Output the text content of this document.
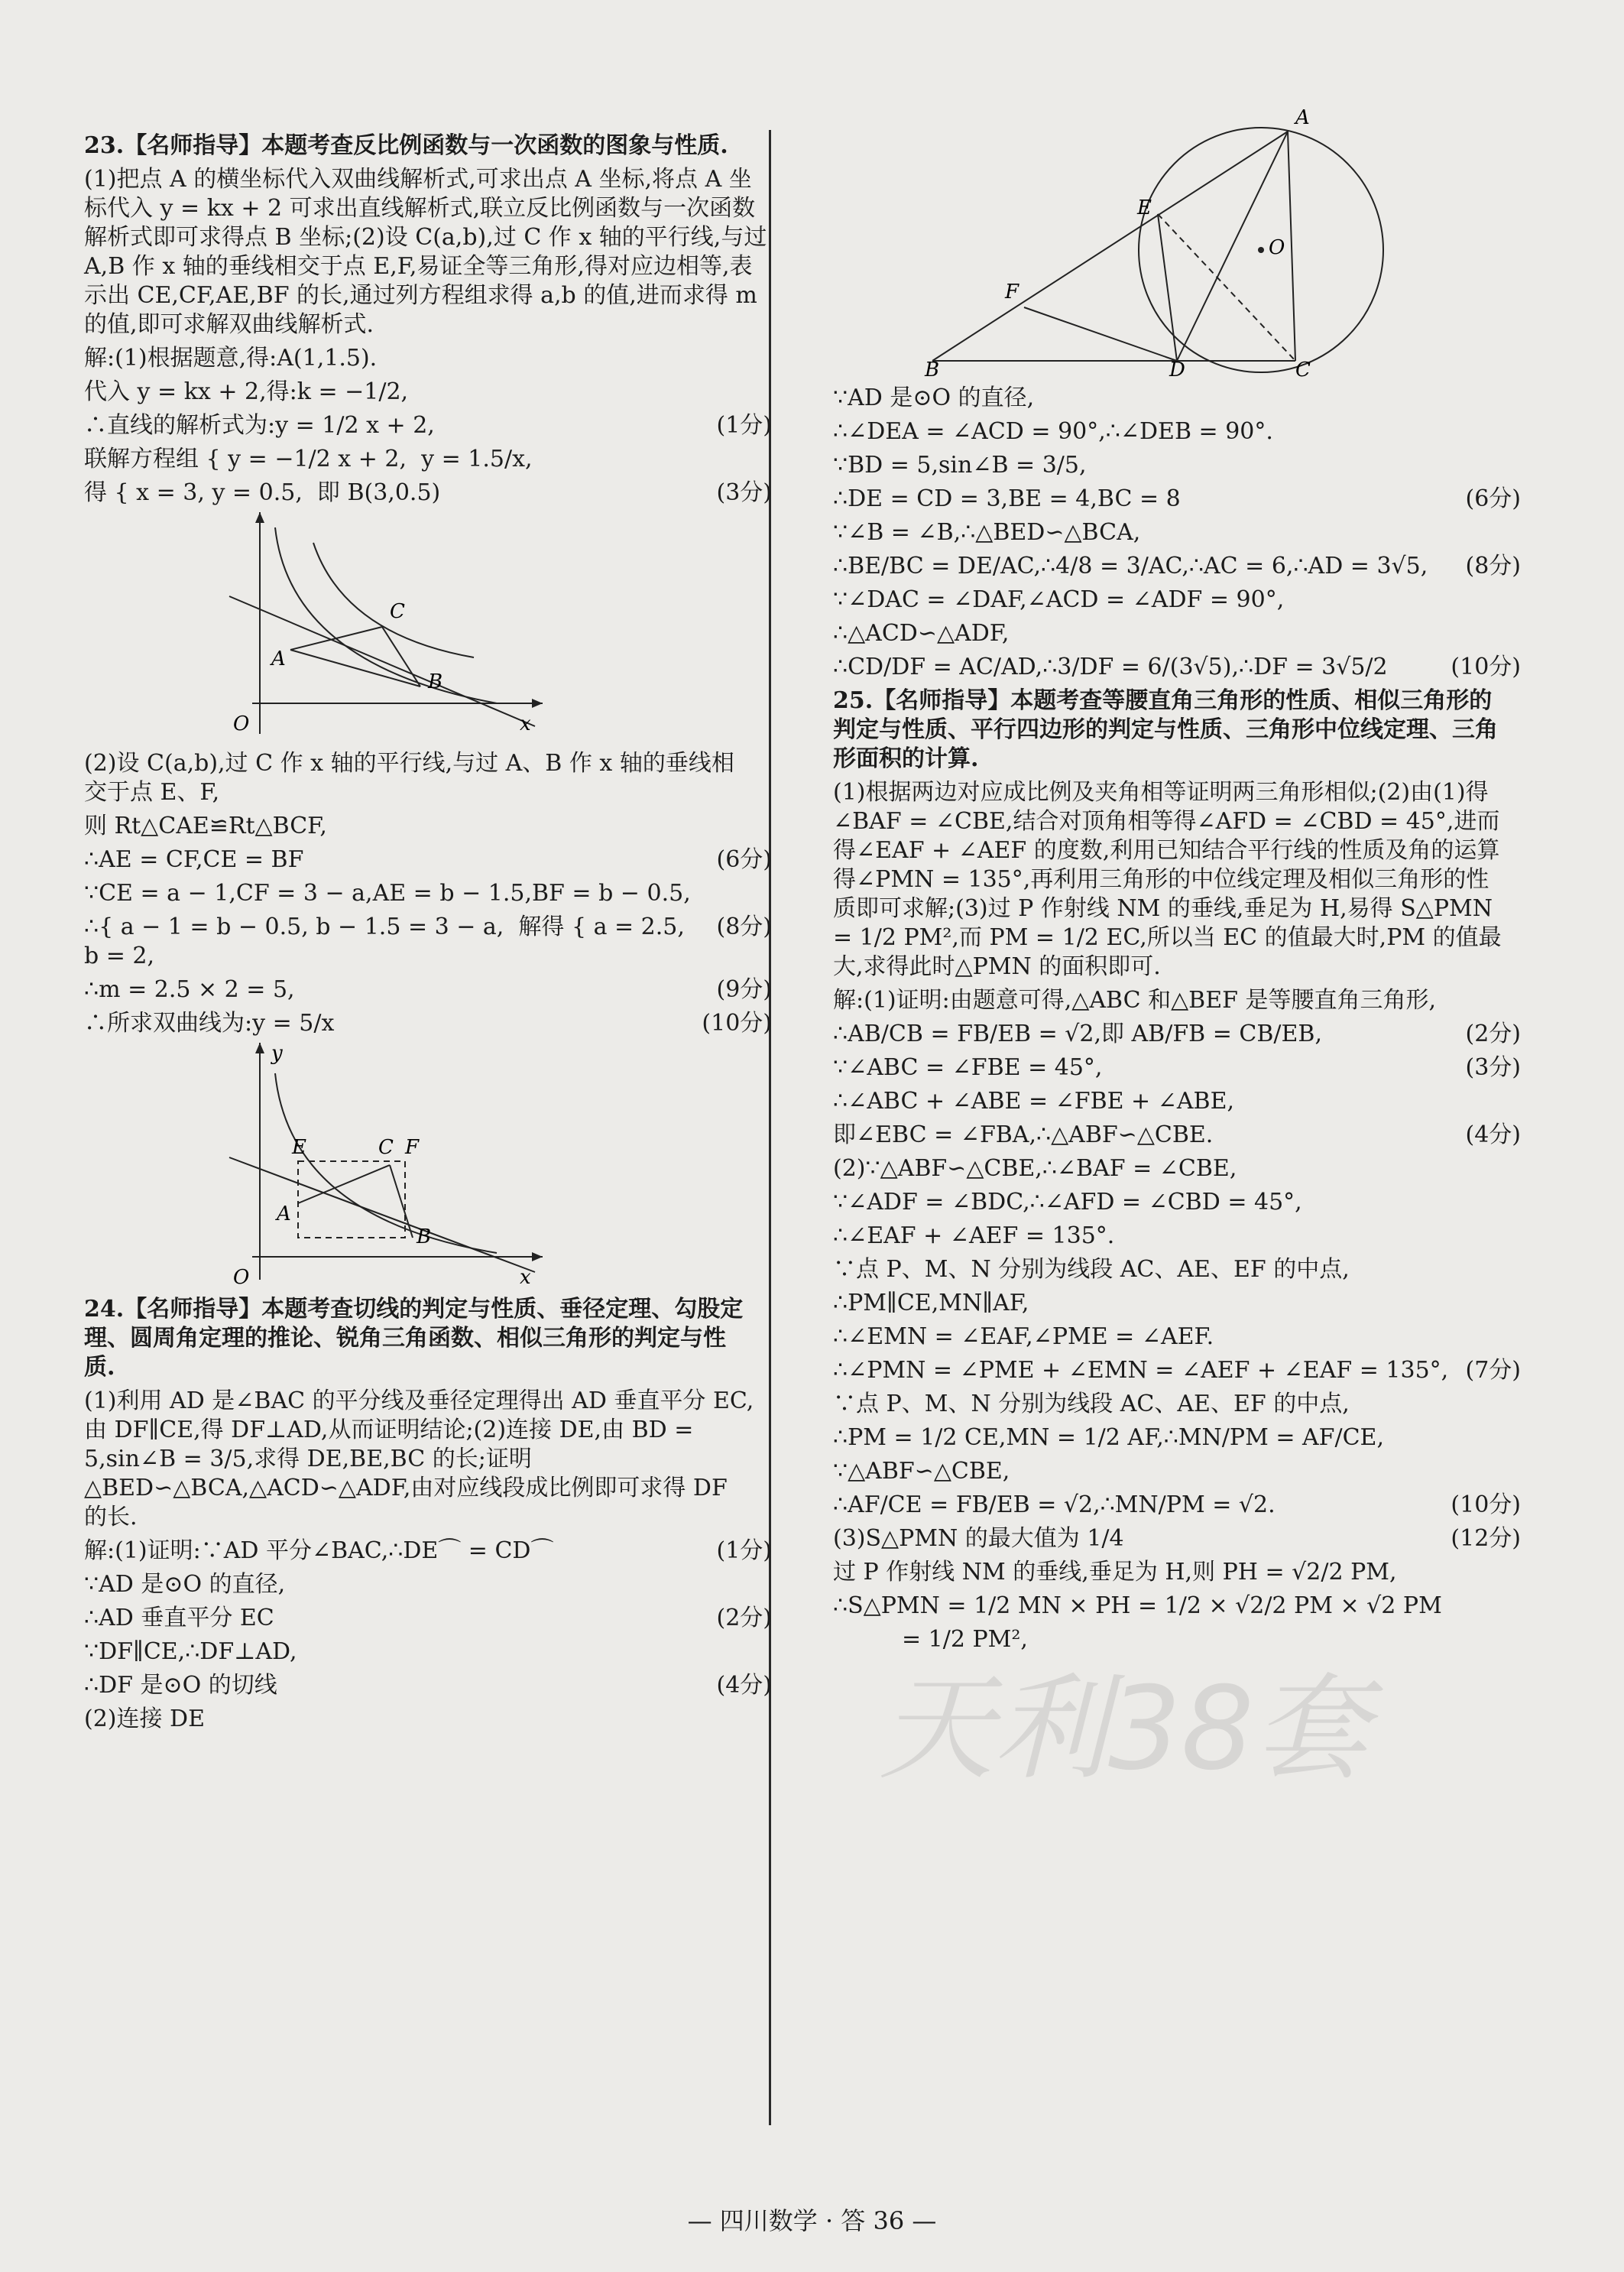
天利38套

23.【名师指导】本题考查反比例函数与一次函数的图象与性质.

(1)把点 A 的横坐标代入双曲线解析式,可求出点 A 坐标,将点 A 坐标代入 y = kx + 2 可求出直线解析式,联立反比例函数与一次函数解析式即可求得点 B 坐标;(2)设 C(a,b),过 C 作 x 轴的平行线,与过 A,B 作 x 轴的垂线相交于点 E,F,易证全等三角形,得对应边相等,表示出 CE,CF,AE,BF 的长,通过列方程组求得 a,b 的值,进而求得 m 的值,即可求解双曲线解析式.

解:(1)根据题意,得:A(1,1.5).

代入 y = kx + 2,得:k = −1/2,

∴直线的解析式为:y = 1/2 x + 2,	(1分)
联解方程组 { y = −1/2 x + 2,  y = 1.5/x,
得 { x = 3, y = 0.5,  即 B(3,0.5)	(3分)
C
A
B
O	x
(2)设 C(a,b),过 C 作 x 轴的平行线,与过 A、B 作 x 轴的垂线相交于点 E、F,
则 Rt△CAE≌Rt△BCF,
∴AE = CF,CE = BF	(6分)
∵CE = a − 1,CF = 3 − a,AE = b − 1.5,BF = b − 0.5,
∴{ a − 1 = b − 0.5, b − 1.5 = 3 − a,  解得 { a = 2.5, b = 2,
(8分)
∴m = 2.5 × 2 = 5,	(9分)
∴所求双曲线为:y = 5/x	(10分)
y
E	C F
A
B
O	x
24.【名师指导】本题考查切线的判定与性质、垂径定理、勾股定理、圆周角定理的推论、锐角三角函数、相似三角形的判定与性质.
(1)利用 AD 是∠BAC 的平分线及垂径定理得出 AD 垂直平分 EC,由 DF∥CE,得 DF⊥AD,从而证明结论;(2)连接 DE,由 BD = 5,sin∠B = 3/5,求得 DE,BE,BC 的长;证明△BED∽△BCA,△ACD∽△ADF,由对应线段成比例即可求得 DF 的长.
解:(1)证明:∵AD 平分∠BAC,∴DE⌒ = CD⌒	(1分)
∵AD 是⊙O 的直径,
∴AD 垂直平分 EC	(2分)
∵DF∥CE,∴DF⊥AD,
∴DF 是⊙O 的切线	(4分)
(2)连接 DE
A
O
E
F
B	D	C
∵AD 是⊙O 的直径,
∴∠DEA = ∠ACD = 90°,∴∠DEB = 90°.
∵BD = 5,sin∠B = 3/5,
∴DE = CD = 3,BE = 4,BC = 8	(6分)
∵∠B = ∠B,∴△BED∽△BCA,
∴BE/BC = DE/AC,∴4/8 = 3/AC,∴AC = 6,∴AD = 3√5,	(8分)
∵∠DAC = ∠DAF,∠ACD = ∠ADF = 90°,
∴△ACD∽△ADF,
∴CD/DF = AC/AD,∴3/DF = 6/(3√5),∴DF = 3√5/2	(10分)
25.【名师指导】本题考查等腰直角三角形的性质、相似三角形的判定与性质、平行四边形的判定与性质、三角形中位线定理、三角形面积的计算.
(1)根据两边对应成比例及夹角相等证明两三角形相似;(2)由(1)得∠BAF = ∠CBE,结合对顶角相等得∠AFD = ∠CBD = 45°,进而得∠EAF + ∠AEF 的度数,利用已知结合平行线的性质及角的运算得∠PMN = 135°,再利用三角形的中位线定理及相似三角形的性质即可求解;(3)过 P 作射线 NM 的垂线,垂足为 H,易得 S△PMN = 1/2 PM²,而 PM = 1/2 EC,所以当 EC 的值最大时,PM 的值最大,求得此时△PMN 的面积即可.
解:(1)证明:由题意可得,△ABC 和△BEF 是等腰直角三角形,
∴AB/CB = FB/EB = √2,即 AB/FB = CB/EB,	(2分)
∵∠ABC = ∠FBE = 45°,	(3分)
∴∠ABC + ∠ABE = ∠FBE + ∠ABE,
即∠EBC = ∠FBA,∴△ABF∽△CBE.	(4分)
(2)∵△ABF∽△CBE,∴∠BAF = ∠CBE,
∵∠ADF = ∠BDC,∴∠AFD = ∠CBD = 45°,
∴∠EAF + ∠AEF = 135°.
∵点 P、M、N 分别为线段 AC、AE、EF 的中点,
∴PM∥CE,MN∥AF,
∴∠EMN = ∠EAF,∠PME = ∠AEF.
∴∠PMN = ∠PME + ∠EMN = ∠AEF + ∠EAF = 135°, (7分)
∵点 P、M、N 分别为线段 AC、AE、EF 的中点,
∴PM = 1/2 CE,MN = 1/2 AF,∴MN/PM = AF/CE,
∵△ABF∽△CBE,
∴AF/CE = FB/EB = √2,∴MN/PM = √2.	(10分)
(3)S△PMN 的最大值为 1/4	(12分)
过 P 作射线 NM 的垂线,垂足为 H,则 PH = √2/2 PM,
∴S△PMN = 1/2 MN × PH = 1/2 × √2/2 PM × √2 PM
= 1/2 PM²,
— 四川数学 · 答 36 —
